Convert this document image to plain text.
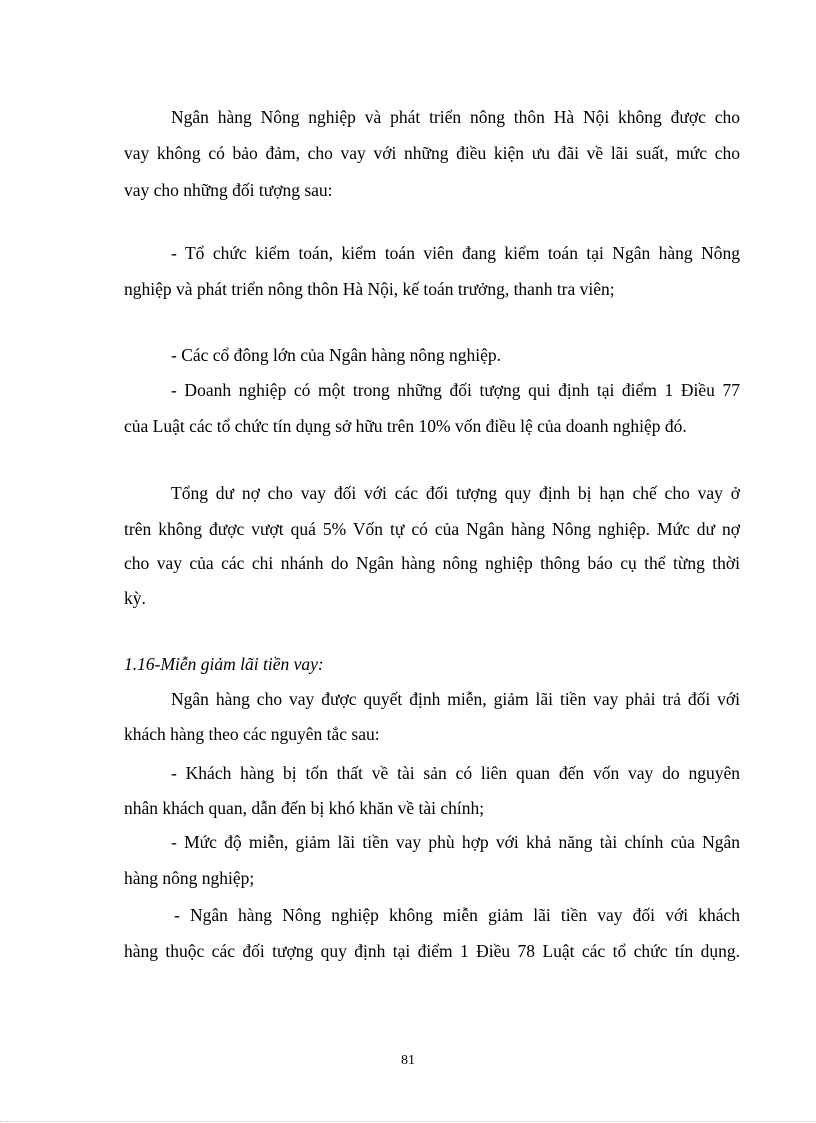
Ngân hàng Nông nghiệp và phát triển nông thôn Hà Nội không được cho
vay không có bảo đảm, cho vay với những điều kiện ưu đãi về lãi suất, mức cho
vay cho những đối tượng sau:
- Tổ chức kiểm toán, kiểm toán viên đang kiểm toán tại Ngân hàng Nông
nghiệp và phát triển nông thôn Hà Nội, kế toán trưởng, thanh tra viên;
- Các cổ đông lớn của Ngân hàng nông nghiệp.
- Doanh nghiệp có một trong những đối tượng qui định tại điểm 1 Điều 77
của Luật các tổ chức tín dụng sở hữu trên 10% vốn điều lệ của doanh nghiệp đó.
Tổng dư nợ cho vay đối với các đối tượng quy định bị hạn chế cho vay ở
trên không được vượt quá 5% Vốn tự có của Ngân hàng Nông nghiệp. Mức dư nợ
cho vay của các chi nhánh do Ngân hàng nông nghiệp thông báo cụ thể từng thời
kỳ.
1.16-Miễn giảm lãi tiền vay:
Ngân hàng cho vay được quyết định miễn, giảm lãi tiền vay phải trả đối với
khách hàng theo các nguyên tắc sau:
- Khách hàng bị tổn thất về tài sản có liên quan đến vốn vay do nguyên
nhân khách quan, dẫn đến bị khó khăn về tài chính;
- Mức độ miễn, giảm lãi tiền vay phù hợp với khả năng tài chính của Ngân
hàng nông nghiệp;
- Ngân hàng Nông nghiệp không miễn giảm lãi tiền vay đối với khách
hàng thuộc các đối tượng quy định tại điểm 1 Điều 78 Luật các tổ chức tín dụng.
81
